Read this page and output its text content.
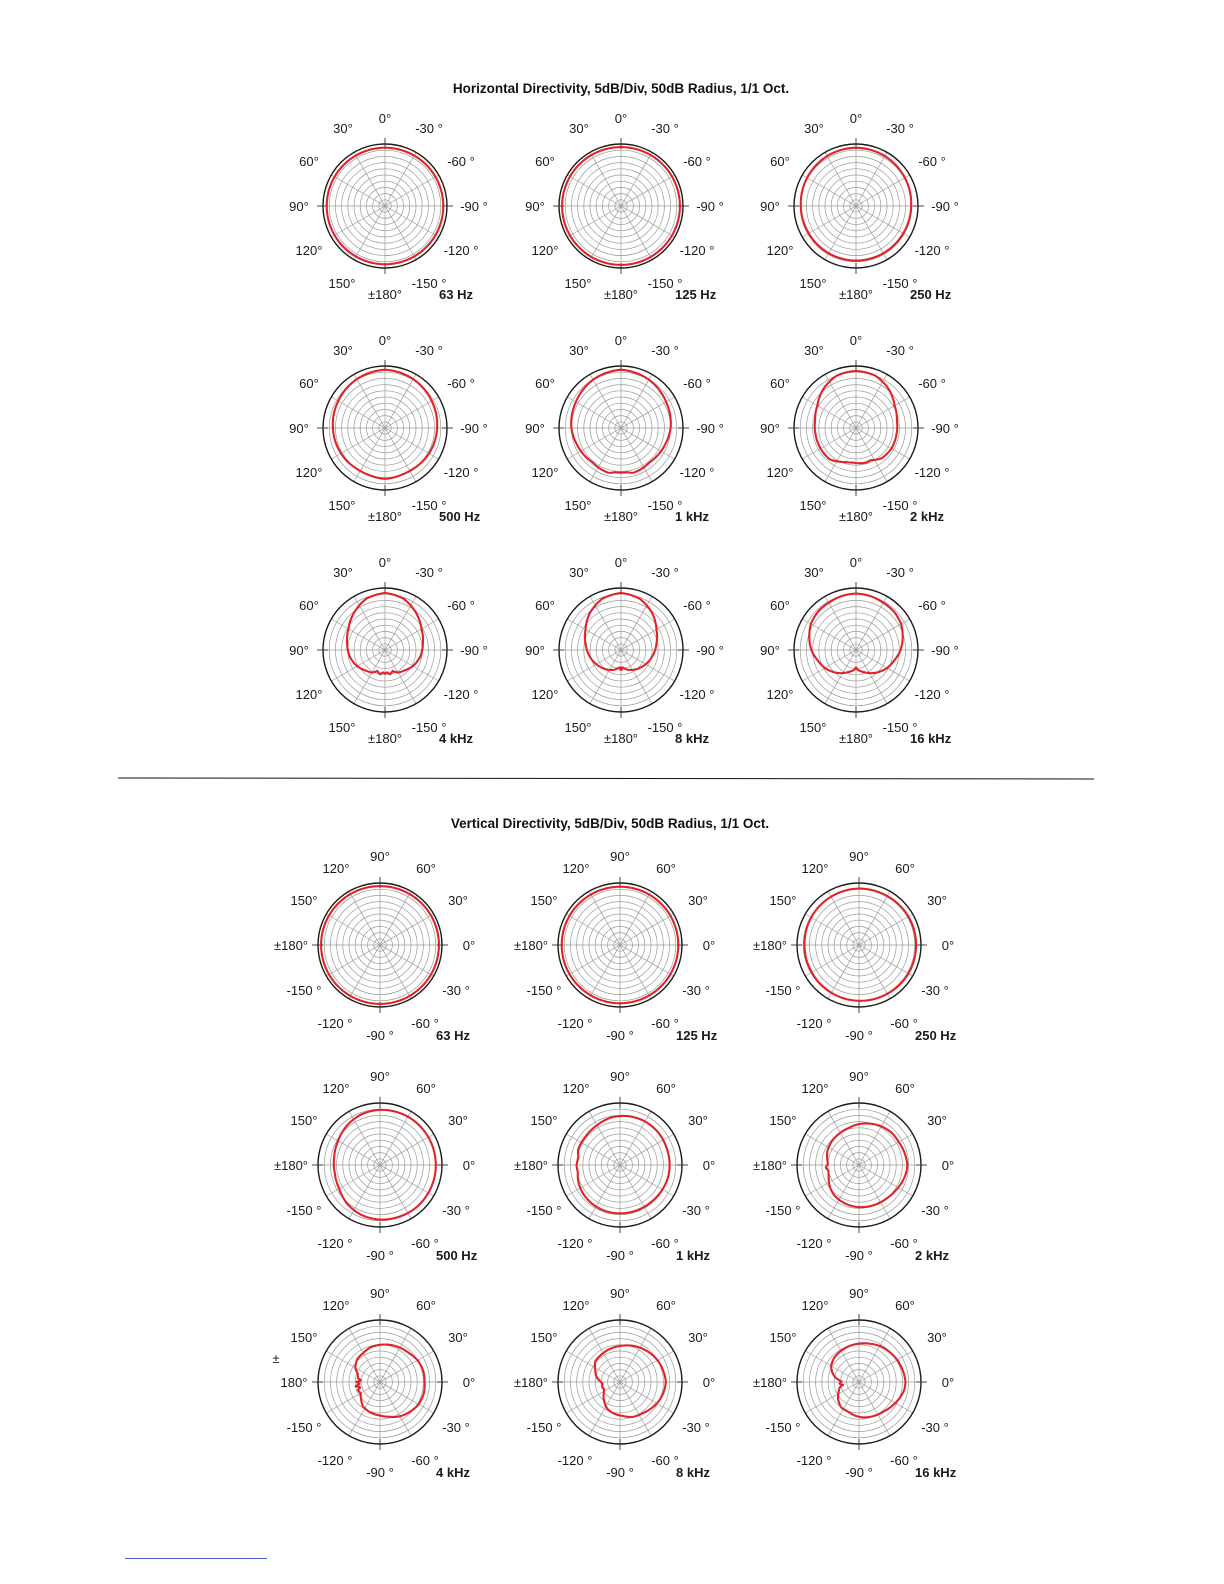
Horizontal Directivity, 5dB/Div, 50dB Radius, 1/1 Oct.
Vertical Directivity, 5dB/Div, 50dB Radius, 1/1 Oct.
0°
30°	-30 °
60°	-60 °
90°	-90 °
120°	-120 °
150°	-150 °
±180°	63 Hz
0°
30°	-30 °
60°	-60 °
90°	-90 °
120°	-120 °
150°	-150 °
±180°	125 Hz
0°
30°	-30 °
60°	-60 °
90°	-90 °
120°	-120 °
150°	-150 °
±180°	250 Hz
0°
30°	-30 °
60°	-60 °
90°	-90 °
120°	-120 °
150°	-150 °
±180°	500 Hz
0°
30°	-30 °
60°	-60 °
90°	-90 °
120°	-120 °
150°	-150 °
±180°	1 kHz
0°
30°	-30 °
60°	-60 °
90°	-90 °
120°	-120 °
150°	-150 °
±180°	2 kHz
0°
30°	-30 °
60°	-60 °
90°	-90 °
120°	-120 °
150°	-150 °
±180°	4 kHz
0°
30°	-30 °
60°	-60 °
90°	-90 °
120°	-120 °
150°	-150 °
±180°	8 kHz
0°
30°	-30 °
60°	-60 °
90°	-90 °
120°	-120 °
150°	-150 °
±180°	16 kHz
90°
120°	60°
150°	30°
±180°	0°
-150 °	-30 °
-120 °	-60 °
-90 °	63 Hz
90°
120°	60°
150°	30°
±180°	0°
-150 °	-30 °
-120 °	-60 °
-90 °	125 Hz
90°
120°	60°
150°	30°
±180°	0°
-150 °	-30 °
-120 °	-60 °
-90 °	250 Hz
90°
120°	60°
150°	30°
±180°	0°
-150 °	-30 °
-120 °	-60 °
-90 °	500 Hz
90°
120°	60°
150°	30°
±180°	0°
-150 °	-30 °
-120 °	-60 °
-90 °	1 kHz
90°
120°	60°
150°	30°
±180°	0°
-150 °	-30 °
-120 °	-60 °
-90 °	2 kHz
90°
120°	60°
150°	30°
±
180°	0°
-150 °	-30 °
-120 °	-60 °
-90 °	4 kHz
90°
120°	60°
150°	30°
±180°	0°
-150 °	-30 °
-120 °	-60 °
-90 °	8 kHz
90°
120°	60°
150°	30°
±180°	0°
-150 °	-30 °
-120 °	-60 °
-90 °	16 kHz
